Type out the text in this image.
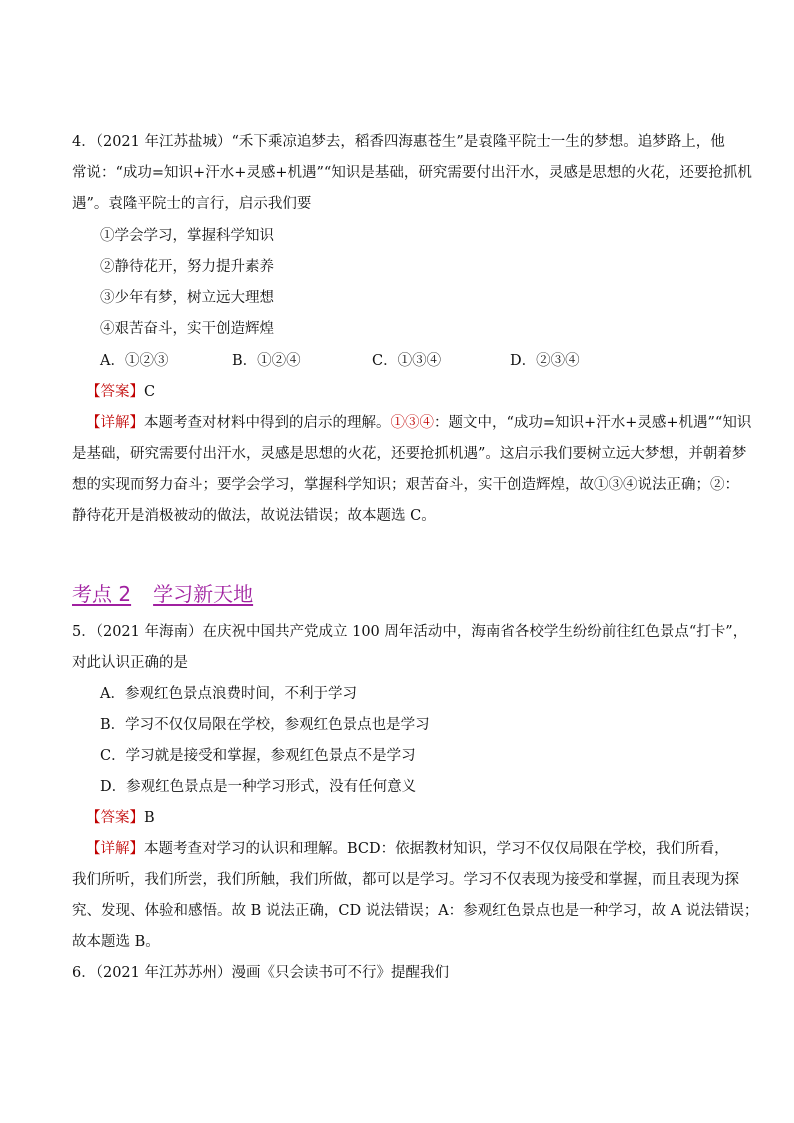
4．（2021 年江苏盐城）“禾下乘凉追梦去，稻香四海惠苍生”是袁隆平院士一生的梦想。追梦路上，他
常说：“成功=知识+汗水+灵感+机遇”“知识是基础，研究需要付出汗水，灵感是思想的火花，还要抢抓机
遇”。袁隆平院士的言行，启示我们要
①学会学习，掌握科学知识
②静待花开，努力提升素养
③少年有梦，树立远大理想
④艰苦奋斗，实干创造辉煌
A．①②③	B．①②④	C．①③④	D．②③④
【答案】C
【详解】本题考查对材料中得到的启示的理解。①③④：题文中，“成功=知识+汗水+灵感+机遇”“知识
是基础，研究需要付出汗水，灵感是思想的火花，还要抢抓机遇”。这启示我们要树立远大梦想，并朝着梦
想的实现而努力奋斗；要学会学习，掌握科学知识；艰苦奋斗，实干创造辉煌，故①③④说法正确；②：
静待花开是消极被动的做法，故说法错误；故本题选 C。
考点 2 学习新天地
5．（2021 年海南）在庆祝中国共产党成立 100 周年活动中，海南省各校学生纷纷前往红色景点“打卡”，
对此认识正确的是
A．参观红色景点浪费时间，不利于学习
B．学习不仅仅局限在学校，参观红色景点也是学习
C．学习就是接受和掌握，参观红色景点不是学习
D．参观红色景点是一种学习形式，没有任何意义
【答案】B
【详解】本题考查对学习的认识和理解。BCD：依据教材知识，学习不仅仅局限在学校，我们所看，
我们所听，我们所尝，我们所触，我们所做，都可以是学习。学习不仅表现为接受和掌握，而且表现为探
究、发现、体验和感悟。故 B 说法正确，CD 说法错误；A：参观红色景点也是一种学习，故 A 说法错误；
故本题选 B。
6．（2021 年江苏苏州）漫画《只会读书可不行》提醒我们
